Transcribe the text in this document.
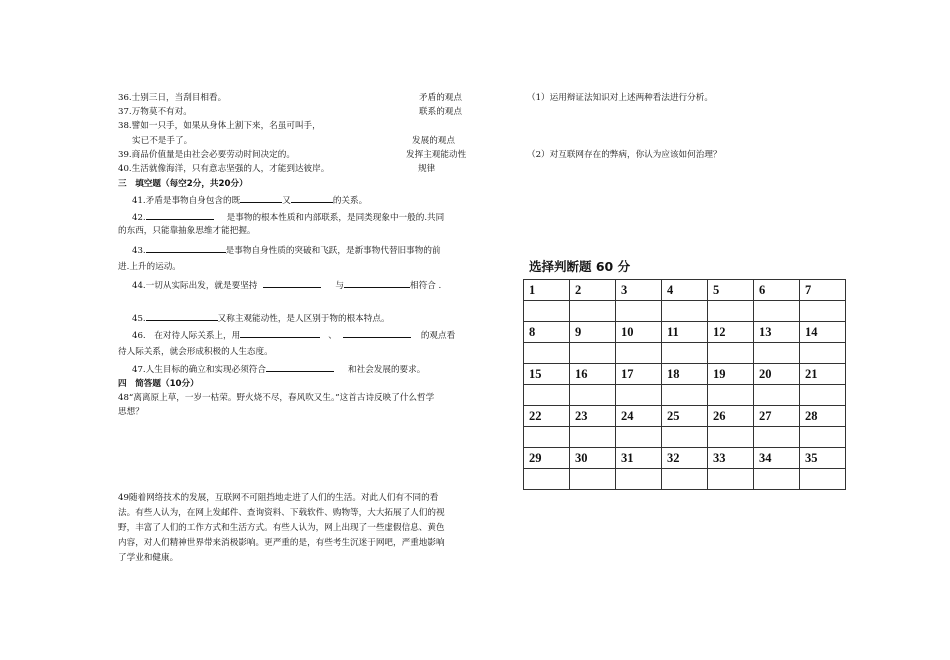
36.士别三日，当刮目相看。	矛盾的观点
37.万物莫不有对。	联系的观点
38.譬如一只手，如果从身体上割下来，名虽可叫手，
实已不是手了。	发展的观点
39.商品价值量是由社会必要劳动时间决定的。	发挥主观能动性
40.生活就像海洋，只有意志坚强的人，才能到达彼岸。	规律
三　填空题（每空2分，共20分）
41.矛盾是事物自身包含的既	又	的关系。
42.	是事物的根本性质和内部联系，是同类现象中一般的.共同
的东西，只能靠抽象思维才能把握。
43.	是事物自身性质的突破和飞跃，是新事物代替旧事物的前
进.上升的运动。
44.一切从实际出发，就是要坚持	与	相符合 .
45.	又称主观能动性，是人区别于物的根本特点。
46.　在对待人际关系上，用	、	的观点看
待人际关系，就会形成积极的人生态度。
47.人生目标的确立和实现必须符合	和社会发展的要求。
四　简答题（10分）
48“离离原上草，一岁一枯荣。野火烧不尽，春风吹又生。”这首古诗反映了什么哲学
思想？
49随着网络技术的发展，互联网不可阻挡地走进了人们的生活。对此人们有不同的看
法。有些人认为，在网上发邮件、查询资料、下载软件、购物等，大大拓展了人们的视
野，丰富了人们的工作方式和生活方式。有些人认为，网上出现了一些虚假信息、黄色
内容，对人们精神世界带来消极影响。更严重的是，有些考生沉迷于网吧，严重地影响
了学业和健康。
（1）运用辩证法知识对上述两种看法进行分析。
（2）对互联网存在的弊病，你认为应该如何治理？
选择判断题 60 分
1	2	3	4	5	6	7

8	9	10	11	12	13	14

15	16	17	18	19	20	21

22	23	24	25	26	27	28

29	30	31	32	33	34	35
